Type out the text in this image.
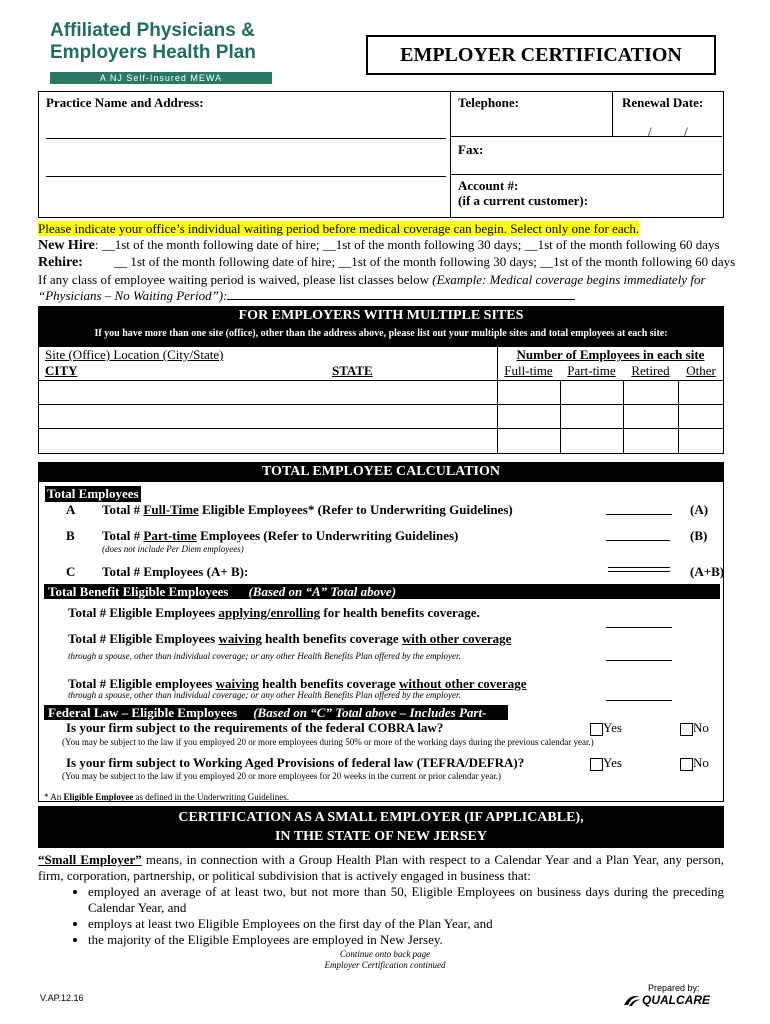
Affiliated Physicians &
Employers Health Plan
A NJ Self-Insured MEWA
EMPLOYER CERTIFICATION
Practice Name and Address:	Telephone:	Renewal Date:
/          /
Fax:
Account #:
(if a current customer):
Please indicate your office’s individual waiting period before medical coverage can begin. Select only one for each.
New Hire: __1st of the month following date of hire; __1st of the month following 30 days; __1st of the month following 60 days
Rehire: __ 1st of the month following date of hire; __1st of the month following 30 days; __1st of the month following 60 days
If any class of employee waiting period is waived, please list classes below (Example: Medical coverage begins immediately for “Physicians – No Waiting Period”):
FOR EMPLOYERS WITH MULTIPLE SITES
If you have more than one site (office), other than the address above, please list out your multiple sites and total employees at each site:
Site (Office) Location (City/State)
CITY	STATE
Number of Employees in each site
Full-time	Part-time	Retired	Other
TOTAL EMPLOYEE CALCULATION
Total Employees
A Total # Full-Time Eligible Employees* (Refer to Underwriting Guidelines)	(A)
B Total # Part-time Employees (Refer to Underwriting Guidelines)
(does not include Per Diem employees)
(B)
C Total # Employees (A+ B):	(A+B)
Total Benefit Eligible Employees (Based on “A” Total above)
Total # Eligible Employees applying/enrolling for health benefits coverage.
Total # Eligible Employees waiving health benefits coverage with other coverage
through a spouse, other than individual coverage; or any other Health Benefits Plan offered by the employer.
Total # Eligible employees waiving health benefits coverage without other coverage
through a spouse, other than individual coverage; or any other Health Benefits Plan offered by the employer.
Federal Law – Eligible Employees (Based on “C” Total above – Includes Part-Time)
Is your firm subject to the requirements of the federal COBRA law?	Yes	No
(You may be subject to the law if you employed 20 or more employees during 50% or more of the working days during the previous calendar year.)
Is your firm subject to Working Aged Provisions of federal law (TEFRA/DEFRA)?	Yes	No
(You may be subject to the law if you employed 20 or more employees for 20 weeks in the current or prior calendar year.)
* An Eligible Employee as defined in the Underwriting Guidelines.
CERTIFICATION AS A SMALL EMPLOYER (IF APPLICABLE),
IN THE STATE OF NEW JERSEY
“Small Employer” means, in connection with a Group Health Plan with respect to a Calendar Year and a Plan Year, any person, firm, corporation, partnership, or political subdivision that is actively engaged in business that:
• employed an average of at least two, but not more than 50, Eligible Employees on business days during the preceding Calendar Year, and
• employs at least two Eligible Employees on the first day of the Plan Year, and
• the majority of the Eligible Employees are employed in New Jersey.
Continue onto back page
Employer Certification continued
V.AP.12.16
Prepared by:
QUALCARE
